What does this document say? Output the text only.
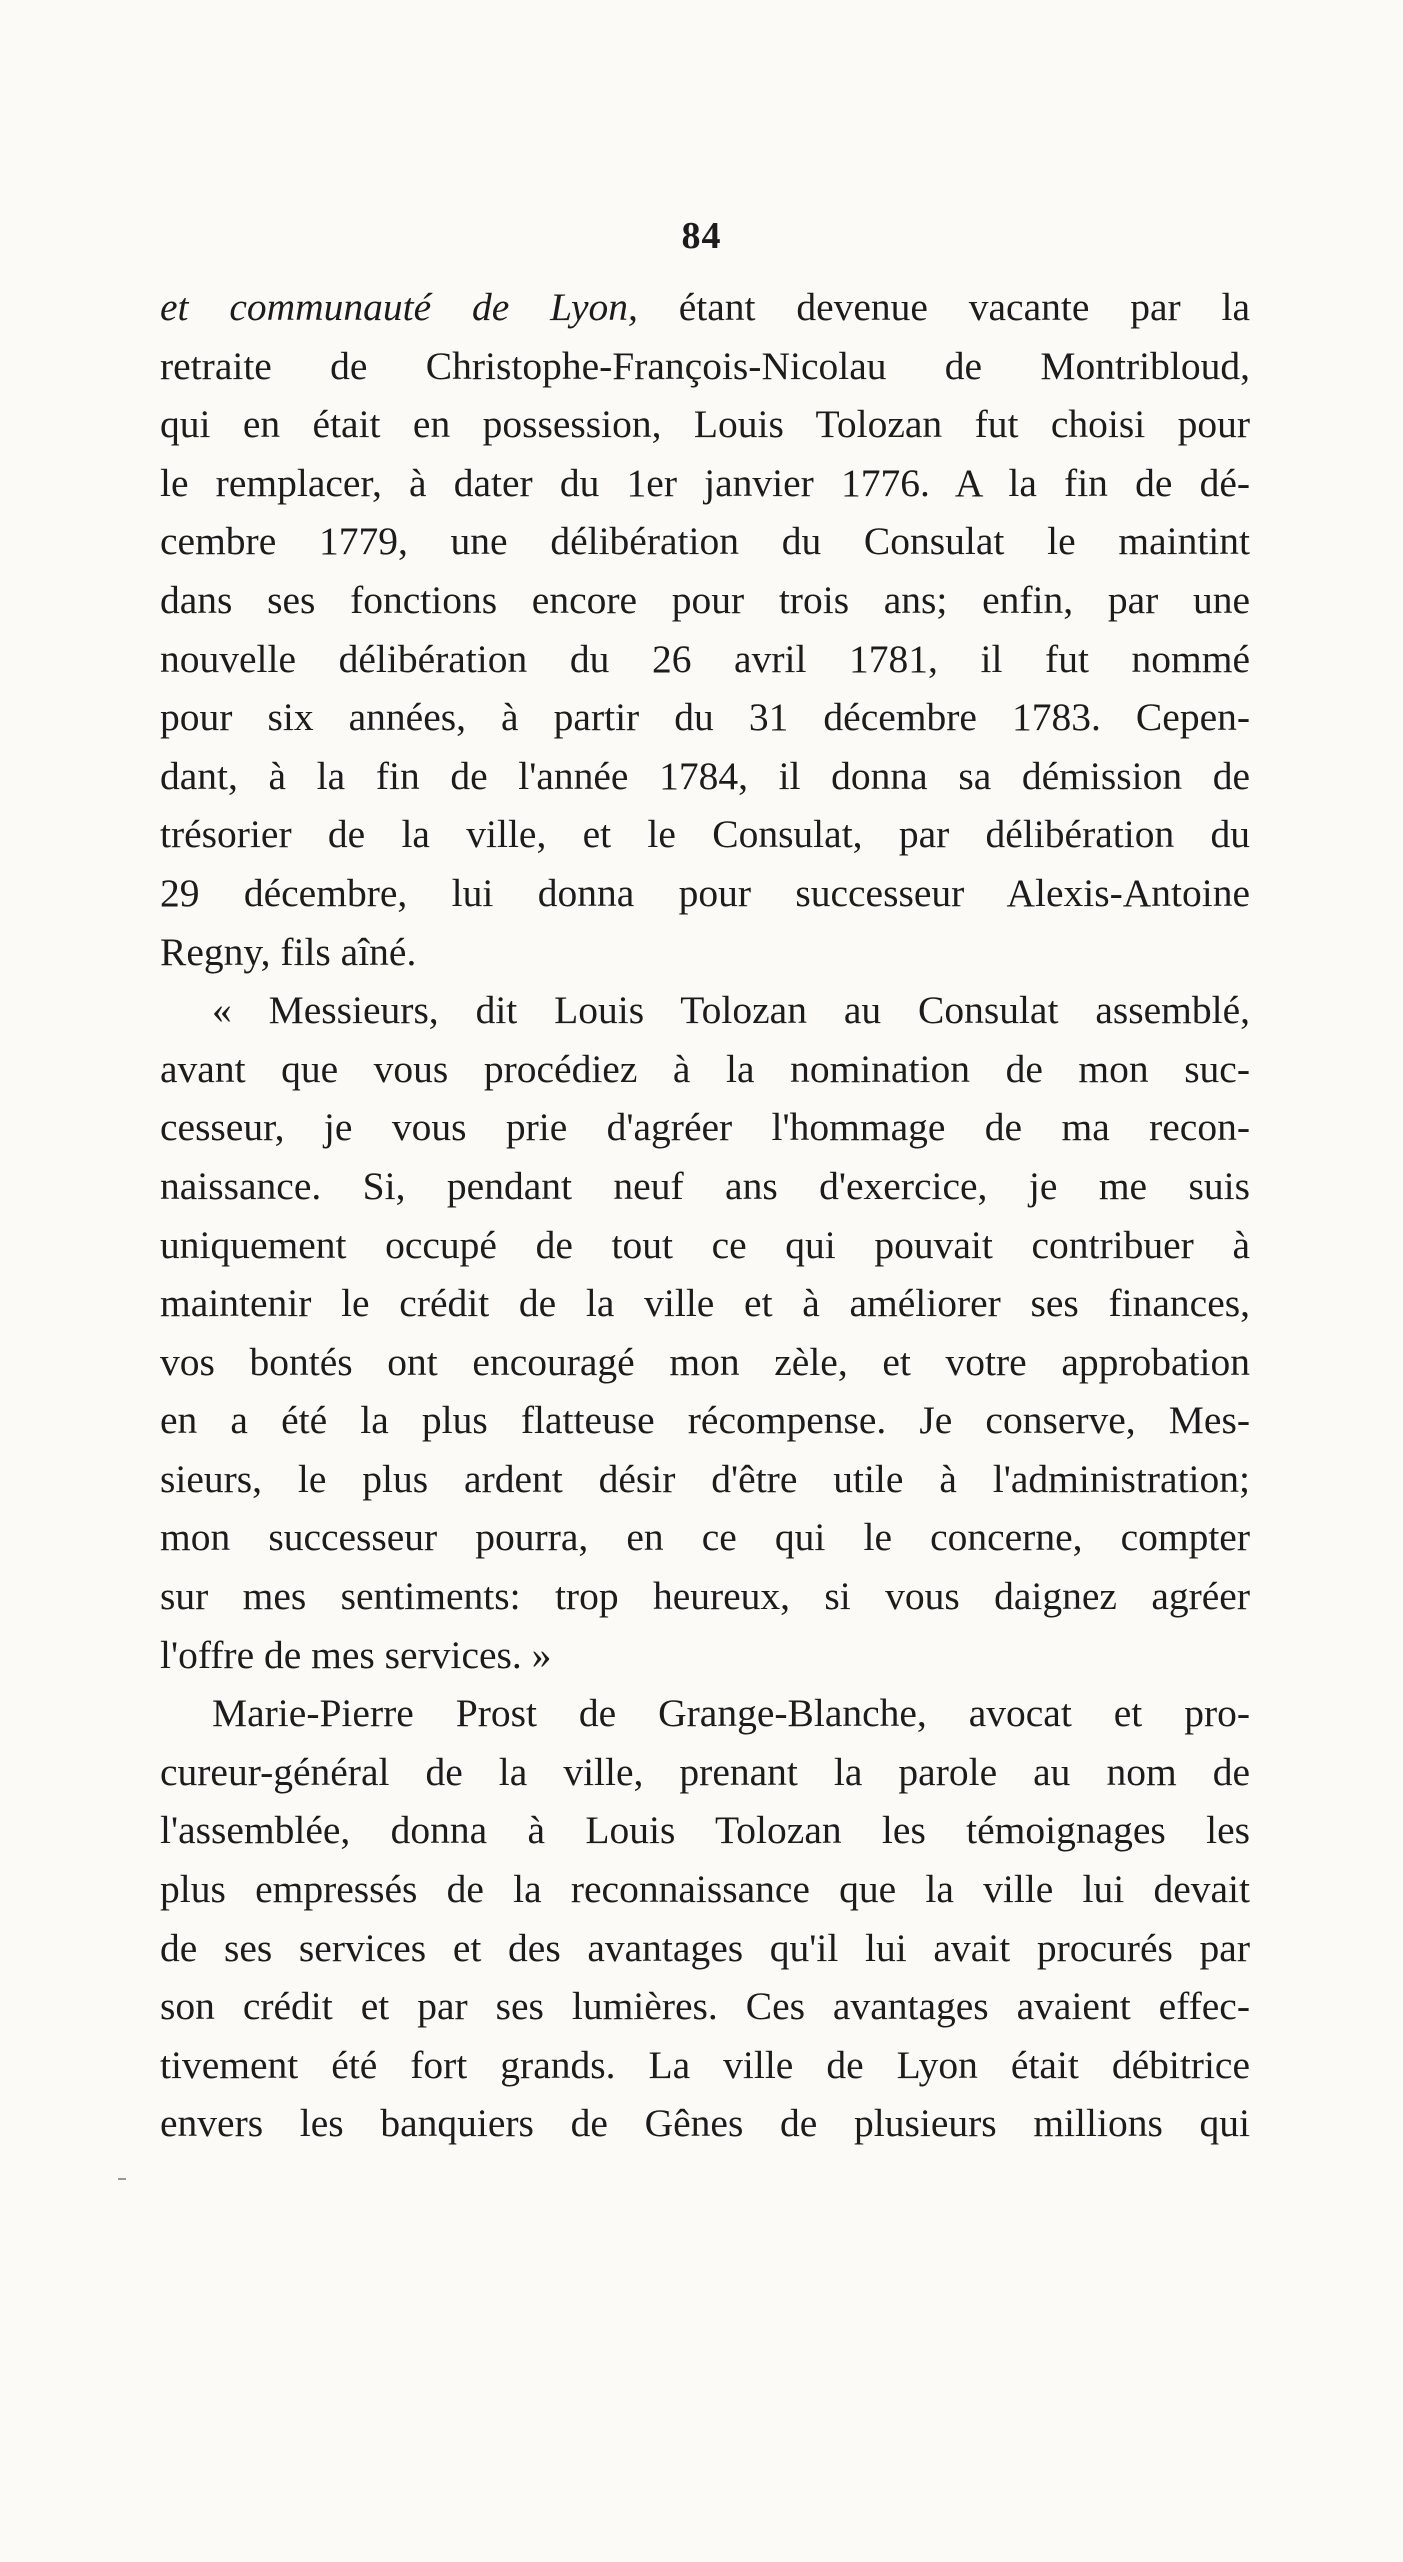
84
et communauté de Lyon, étant devenue vacante par la
retraite de Christophe-François-Nicolau de Montribloud,
qui en était en possession, Louis Tolozan fut choisi pour
le remplacer, à dater du 1er janvier 1776. A la fin de dé-
cembre 1779, une délibération du Consulat le maintint
dans ses fonctions encore pour trois ans; enfin, par une
nouvelle délibération du 26 avril 1781, il fut nommé
pour six années, à partir du 31 décembre 1783. Cepen-
dant, à la fin de l'année 1784, il donna sa démission de
trésorier de la ville, et le Consulat, par délibération du
29 décembre, lui donna pour successeur Alexis-Antoine
Regny, fils aîné.
« Messieurs, dit Louis Tolozan au Consulat assemblé,
avant que vous procédiez à la nomination de mon suc-
cesseur, je vous prie d'agréer l'hommage de ma recon-
naissance. Si, pendant neuf ans d'exercice, je me suis
uniquement occupé de tout ce qui pouvait contribuer à
maintenir le crédit de la ville et à améliorer ses finances,
vos bontés ont encouragé mon zèle, et votre approbation
en a été la plus flatteuse récompense. Je conserve, Mes-
sieurs, le plus ardent désir d'être utile à l'administration;
mon successeur pourra, en ce qui le concerne, compter
sur mes sentiments: trop heureux, si vous daignez agréer
l'offre de mes services. »
Marie-Pierre Prost de Grange-Blanche, avocat et pro-
cureur-général de la ville, prenant la parole au nom de
l'assemblée, donna à Louis Tolozan les témoignages les
plus empressés de la reconnaissance que la ville lui devait
de ses services et des avantages qu'il lui avait procurés par
son crédit et par ses lumières. Ces avantages avaient effec-
tivement été fort grands. La ville de Lyon était débitrice
envers les banquiers de Gênes de plusieurs millions qui
